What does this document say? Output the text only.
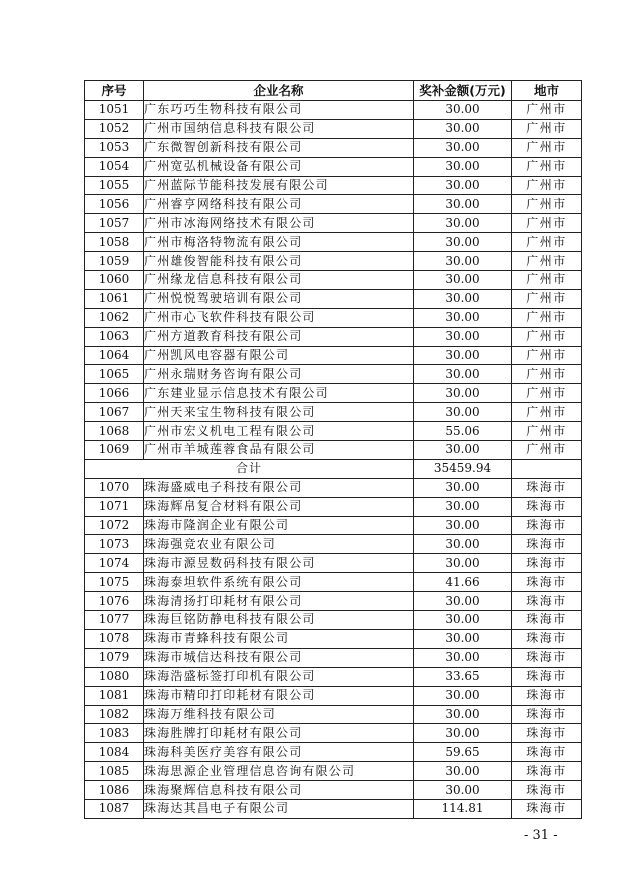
序号	企业名称	奖补金额(万元)	地市
1051	广东巧巧生物科技有限公司	30.00	广州市
1052	广州市国纳信息科技有限公司	30.00	广州市
1053	广东微智创新科技有限公司	30.00	广州市
1054	广州宽弘机械设备有限公司	30.00	广州市
1055	广州蓝际节能科技发展有限公司	30.00	广州市
1056	广州睿亨网络科技有限公司	30.00	广州市
1057	广州市冰海网络技术有限公司	30.00	广州市
1058	广州市梅洛特物流有限公司	30.00	广州市
1059	广州雄俊智能科技有限公司	30.00	广州市
1060	广州缘龙信息科技有限公司	30.00	广州市
1061	广州悦悦驾驶培训有限公司	30.00	广州市
1062	广州市心飞软件科技有限公司	30.00	广州市
1063	广州方道教育科技有限公司	30.00	广州市
1064	广州凯风电容器有限公司	30.00	广州市
1065	广州永瑞财务咨询有限公司	30.00	广州市
1066	广东建业显示信息技术有限公司	30.00	广州市
1067	广州天来宝生物科技有限公司	30.00	广州市
1068	广州市宏义机电工程有限公司	55.06	广州市
1069	广州市羊城莲蓉食品有限公司	30.00	广州市
合计		35459.94	
1070	珠海盛威电子科技有限公司	30.00	珠海市
1071	珠海辉帛复合材料有限公司	30.00	珠海市
1072	珠海市隆润企业有限公司	30.00	珠海市
1073	珠海强竞农业有限公司	30.00	珠海市
1074	珠海市源昱数码科技有限公司	30.00	珠海市
1075	珠海泰坦软件系统有限公司	41.66	珠海市
1076	珠海清扬打印耗材有限公司	30.00	珠海市
1077	珠海巨铭防静电科技有限公司	30.00	珠海市
1078	珠海市青蜂科技有限公司	30.00	珠海市
1079	珠海市城信达科技有限公司	30.00	珠海市
1080	珠海浩盛标签打印机有限公司	33.65	珠海市
1081	珠海市精印打印耗材有限公司	30.00	珠海市
1082	珠海万维科技有限公司	30.00	珠海市
1083	珠海胜牌打印耗材有限公司	30.00	珠海市
1084	珠海科美医疗美容有限公司	59.65	珠海市
1085	珠海思源企业管理信息咨询有限公司	30.00	珠海市
1086	珠海聚辉信息科技有限公司	30.00	珠海市
1087	珠海达其昌电子有限公司	114.81	珠海市
- 31 -
